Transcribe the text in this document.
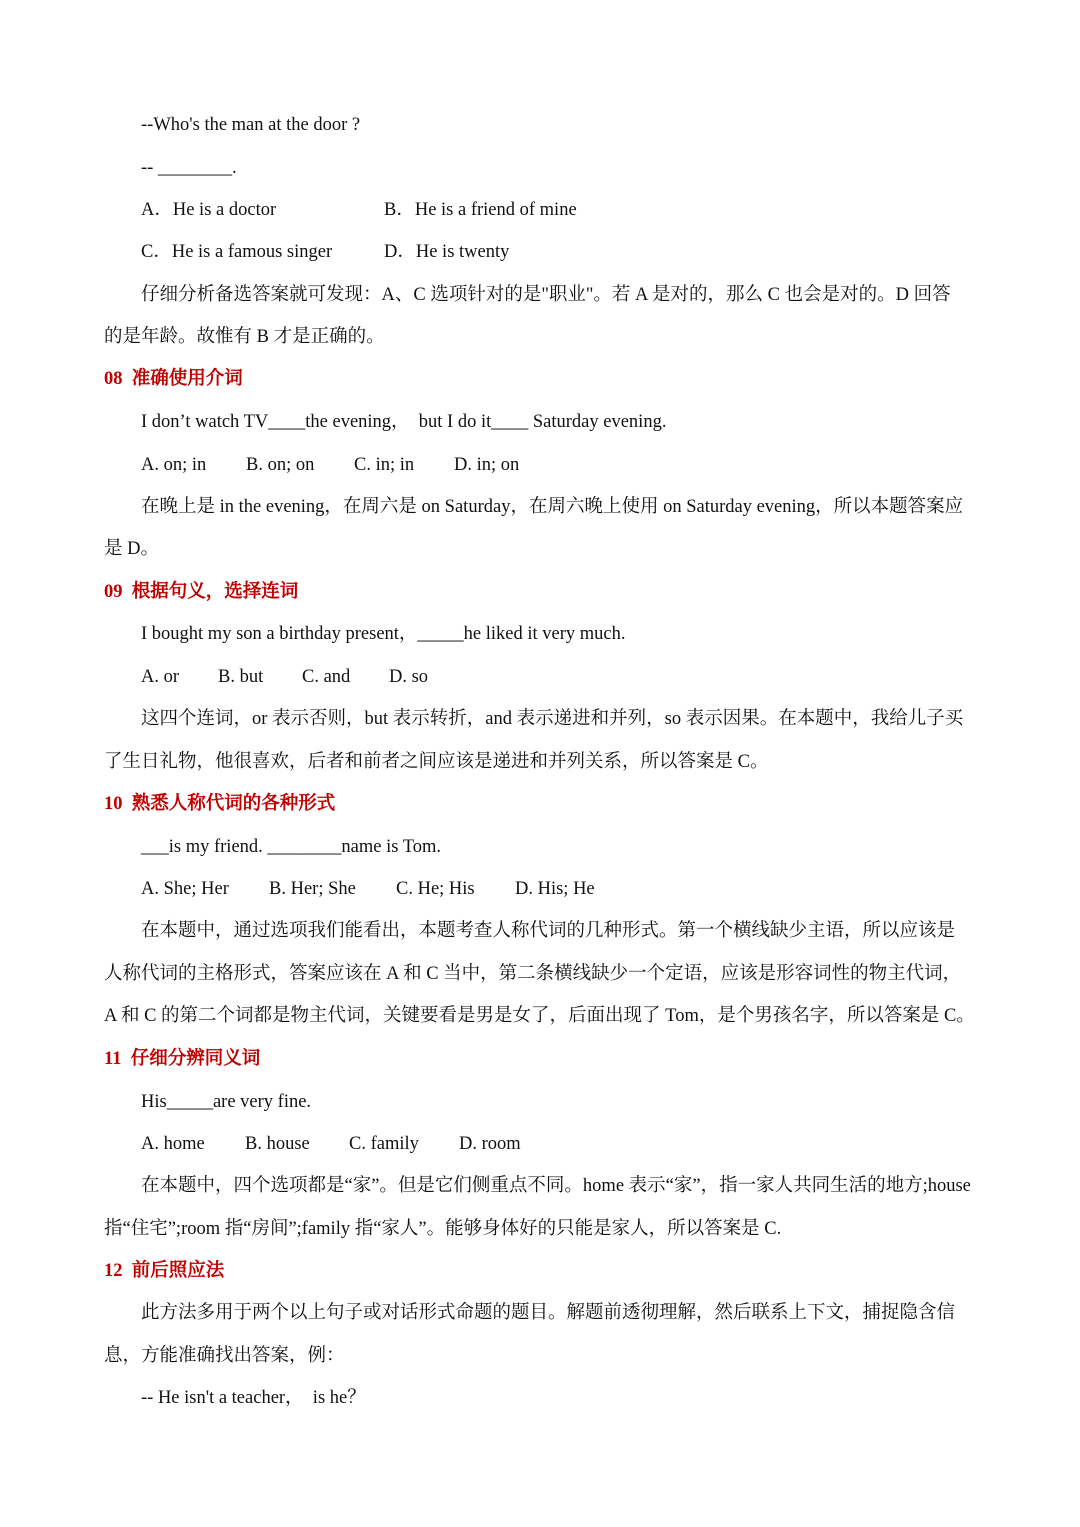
--Who's the man at the door ?
-- ________.
A．He is a doctor	B．He is a friend of mine
C．He is a famous singer	D．He is twenty
仔细分析备选答案就可发现：A、C 选项针对的是"职业"。若 A 是对的，那么 C 也会是对的。D 回答
的是年龄。故惟有 B 才是正确的。
08  准确使用介词
I don’t watch TV____the evening，  but I do it____ Saturday evening.
A. on; in B. on; on C. in; in D. in; on
在晚上是 in the evening，在周六是 on Saturday，在周六晚上使用 on Saturday evening，所以本题答案应
是 D。
09  根据句义，选择连词
I bought my son a birthday present，_____he liked it very much.
A. or B. but C. and D. so
这四个连词，or 表示否则，but 表示转折，and 表示递进和并列，so 表示因果。在本题中，我给儿子买
了生日礼物，他很喜欢，后者和前者之间应该是递进和并列关系，所以答案是 C。
10  熟悉人称代词的各种形式
___is my friend. ________name is Tom.
A. She; Her B. Her; She C. He; His D. His; He
在本题中，通过选项我们能看出，本题考查人称代词的几种形式。第一个横线缺少主语，所以应该是
人称代词的主格形式，答案应该在 A 和 C 当中，第二条横线缺少一个定语，应该是形容词性的物主代词，
A 和 C 的第二个词都是物主代词，关键要看是男是女了，后面出现了 Tom，是个男孩名字，所以答案是 C。
11  仔细分辨同义词
His_____are very fine.
A. home B. house C. family D. room
在本题中，四个选项都是“家”。但是它们侧重点不同。home 表示“家”，指一家人共同生活的地方;house
指“住宅”;room 指“房间”;family 指“家人”。能够身体好的只能是家人，所以答案是 C.
12  前后照应法
此方法多用于两个以上句子或对话形式命题的题目。解题前透彻理解，然后联系上下文，捕捉隐含信
息，方能准确找出答案，例：
-- He isn't a teacher，  is he？
